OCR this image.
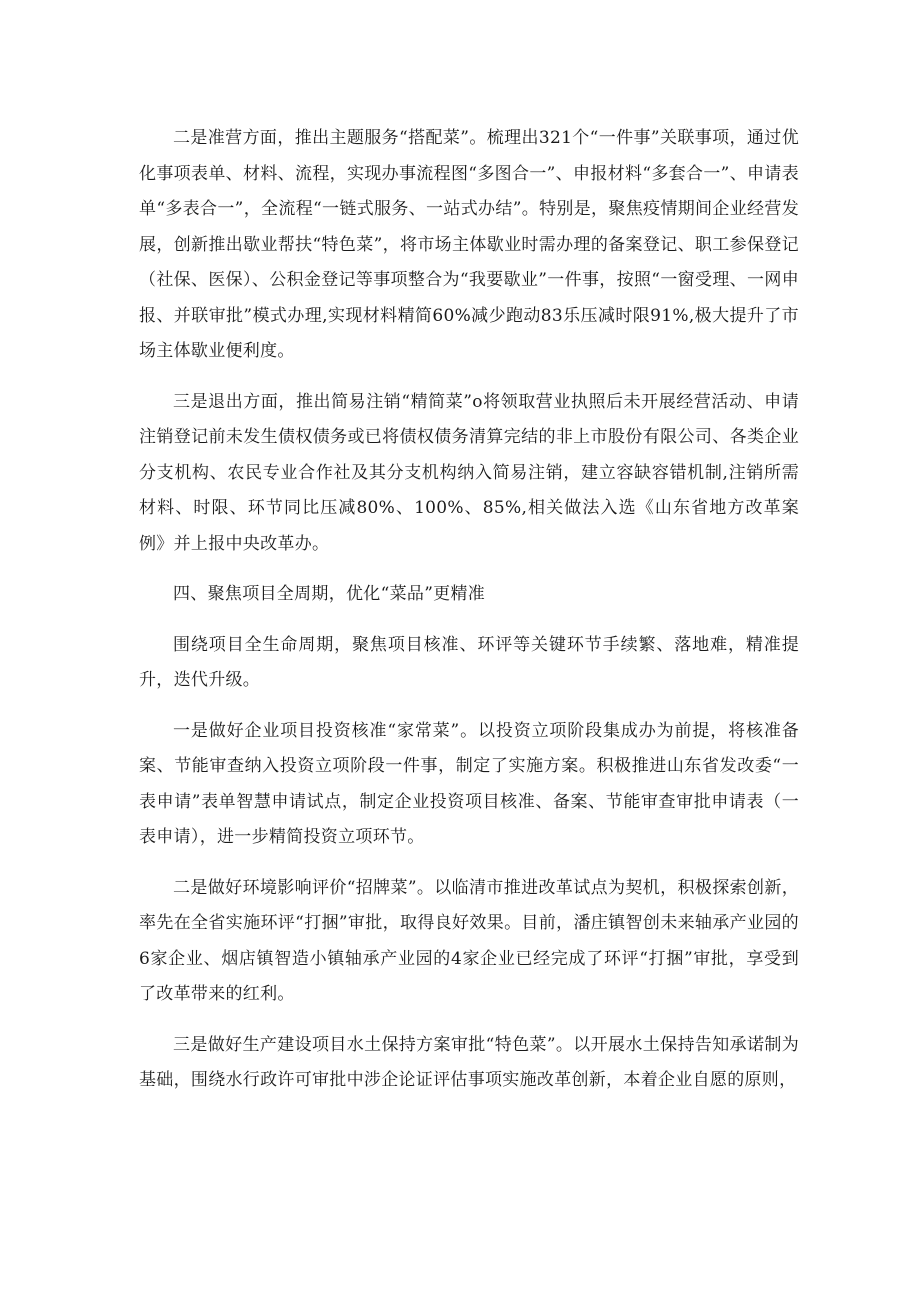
二是准营方面，推出主题服务“搭配菜”。梳理出321个“一件事”关联事项，通过优化事项表单、材料、流程，实现办事流程图“多图合一”、申报材料“多套合一”、申请表单“多表合一”，全流程“一链式服务、一站式办结”。特别是，聚焦疫情期间企业经营发展，创新推出歇业帮扶“特色菜”，将市场主体歇业时需办理的备案登记、职工参保登记（社保、医保）、公积金登记等事项整合为“我要歇业”一件事，按照“一窗受理、一网申报、并联审批”模式办理,实现材料精简60%减少跑动83乐压减时限91%,极大提升了市场主体歇业便利度。

三是退出方面，推出简易注销“精简菜”o将领取营业执照后未开展经营活动、申请注销登记前未发生债权债务或已将债权债务清算完结的非上市股份有限公司、各类企业分支机构、农民专业合作社及其分支机构纳入简易注销，建立容缺容错机制,注销所需材料、时限、环节同比压减80%、100%、85%,相关做法入选《山东省地方改革案例》并上报中央改革办。

四、聚焦项目全周期，优化“菜品”更精准

围绕项目全生命周期，聚焦项目核准、环评等关键环节手续繁、落地难，精准提升，迭代升级。

一是做好企业项目投资核准“家常菜”。以投资立项阶段集成办为前提，将核准备案、节能审查纳入投资立项阶段一件事，制定了实施方案。积极推进山东省发改委“一表申请”表单智慧申请试点，制定企业投资项目核准、备案、节能审查审批申请表（一表申请），进一步精简投资立项环节。

二是做好环境影响评价“招牌菜”。以临清市推进改革试点为契机，积极探索创新，率先在全省实施环评“打捆”审批，取得良好效果。目前，潘庄镇智创未来轴承产业园的6家企业、烟店镇智造小镇轴承产业园的4家企业已经完成了环评“打捆”审批，享受到了改革带来的红利。

三是做好生产建设项目水土保持方案审批“特色菜”。以开展水土保持告知承诺制为基础，围绕水行政许可审批中涉企论证评估事项实施改革创新，本着企业自愿的原则，
